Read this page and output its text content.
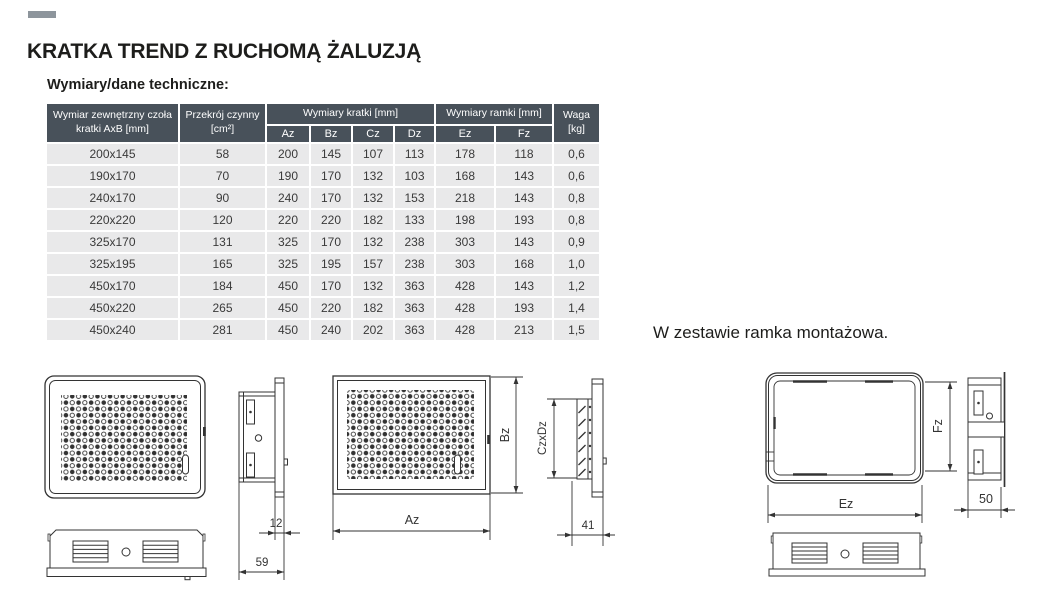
KRATKA TREND Z RUCHOMĄ ŻALUZJĄ
Wymiary/dane techniczne:
W zestawie ramka montażowa.
Wymiar zewnętrzny czoła kratki AxB [mm]	Przekrój czynny [cm²]	Wymiary kratki [mm]				Wymiary ramki [mm]		Waga [kg]
		Az	Bz	Cz	Dz	Ez	Fz	
200x145	58	200	145	107	113	178	118	0,6
190x170	70	190	170	132	103	168	143	0,6
240x170	90	240	170	132	153	218	143	0,8
220x220	120	220	220	182	133	198	193	0,8
325x170	131	325	170	132	238	303	143	0,9
325x195	165	325	195	157	238	303	168	1,0
450x170	184	450	170	132	363	428	143	1,2
450x220	265	450	220	182	363	428	193	1,4
450x240	281	450	240	202	363	428	213	1,5
12
59
Bz
Az
CzxDz
41
Fz
Ez	50
